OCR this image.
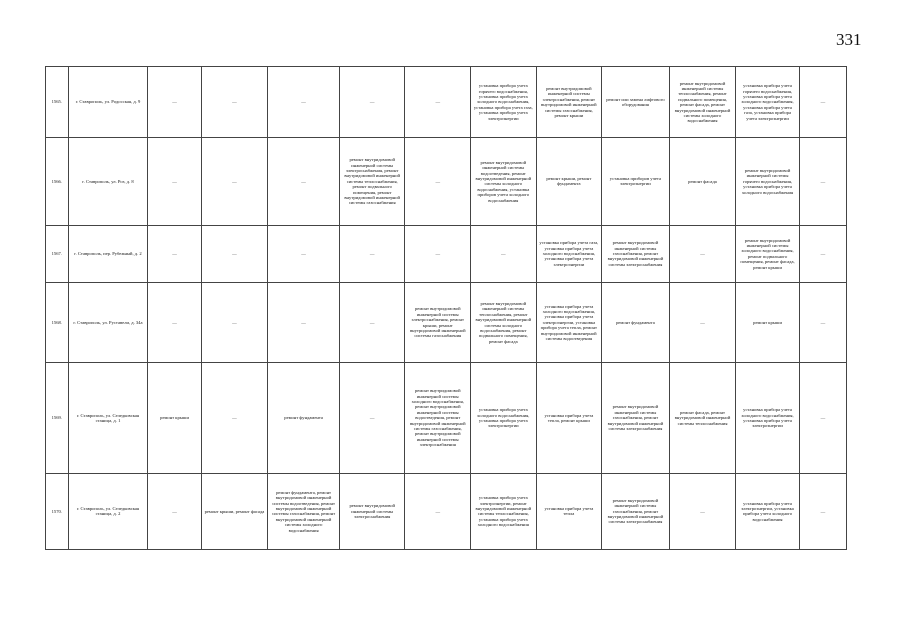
331
1565.	г. Ставрополь, ул. Родосская, д. 9	—	—	—	—	—	установка прибора учета горячего водоснабжения, установка прибора учета холодного водоснабжения, установка прибора учета газа, установка прибора учета электроэнергии	ремонт внутридомовой инженерной системы электроснабжения, ремонт внутридомовой инженерной системы газоснабжения, ремонт крыши	ремонт или замена лифтового оборудования	ремонт внутридомовой инженерной системы теплоснабжения, ремонт подвального помещения, ремонт фасада, ремонт внутридомовой инженерной системы холодного водоснабжения	установка прибора учета горячего водоснабжения, установка прибора учета холодного водоснабжения, установка прибора учета газа, установка прибора учета электроэнергии	—
1566.	г. Ставрополь, ул. Роз, д. 8	—	—	—	ремонт внутридомовой инженерной системы электроснабжения, ремонт внутридомовой инженерной системы теплоснабжения, ремонт подвального помещения, ремонт внутридомовой инженерной системы газоснабжения	—	ремонт внутридомовой инженерной системы водоотведения, ремонт внутридомовой инженерной системы холодного водоснабжения, установка приборов учета холодного водоснабжения	ремонт крыши, ремонт фундамента	установка приборов учета электроэнергии	ремонт фасада	ремонт внутридомовой инженерной системы горячего водоснабжения, установка прибора учета холодного водоснабжения	—
1567.	г. Ставрополь, пер. Рубежный, д. 2	—	—	—	—	—	—	установка прибора учета газа, установка прибора учета холодного водоснабжения, установка прибора учета электроэнергии	ремонт внутридомовой инженерной системы газоснабжения, ремонт внутридомовой инженерной системы электроснабжения	—	ремонт внутридомовой инженерной системы холодного водоснабжения, ремонт подвального помещения, ремонт фасада, ремонт крыши	—
1568.	г. Ставрополь, ул. Руставели, д. 34а	—	—	—	—	ремонт внутридомовой инженерной системы электроснабжения, ремонт крыши, ремонт внутридомовой инженерной системы газоснабжения	ремонт внутридомовой инженерной системы теплоснабжения, ремонт внутридомовой инженерной системы холодного водоснабжения, ремонт подвального помещения, ремонт фасада	установка прибора учета холодного водоснабжения, установка прибора учета электроэнергии, установка прибора учета тепла, ремонт внутридомовой инженерной системы водоотведения	ремонт фундамента	—	ремонт крыши	—
1569.	г. Ставрополь, ул. Селедковская станица, д. 1	ремонт крыши	—	ремонт фундамента	—	ремонт внутридомовой инженерной системы холодного водоснабжения, ремонт внутридомовой инженерной системы водоотведения, ремонт внутридомовой инженерной системы газоснабжения, ремонт внутридомовой инженерной системы электроснабжения	установка прибора учета холодного водоснабжения, установка прибора учета электроэнергии	установка прибора учета тепла, ремонт крыши	ремонт внутридомовой инженерной системы газоснабжения, ремонт внутридомовой инженерной системы электроснабжения	ремонт фасада, ремонт внутридомовой инженерной системы теплоснабжения	установка прибора учета холодного водоснабжения, установка прибора учета электроэнергии	—
1570.	г. Ставрополь, ул. Селедковская станица, д. 2	—	ремонт крыши, ремонт фасада	ремонт фундамента, ремонт внутридомовой инженерной системы водоотведения, ремонт внутридомовой инженерной системы газоснабжения, ремонт внутридомовой инженерной системы холодного водоснабжения	ремонт внутридомовой инженерной системы электроснабжения	—	установка прибора учета электроэнергии, ремонт внутридомовой инженерной системы теплоснабжения, установка прибора учета холодного водоснабжения	установка прибора учета тепла	ремонт внутридомовой инженерной системы газоснабжения, ремонт внутридомовой инженерной системы электроснабжения	—	установка прибора учета электроэнергии, установка прибора учета холодного водоснабжения	—
